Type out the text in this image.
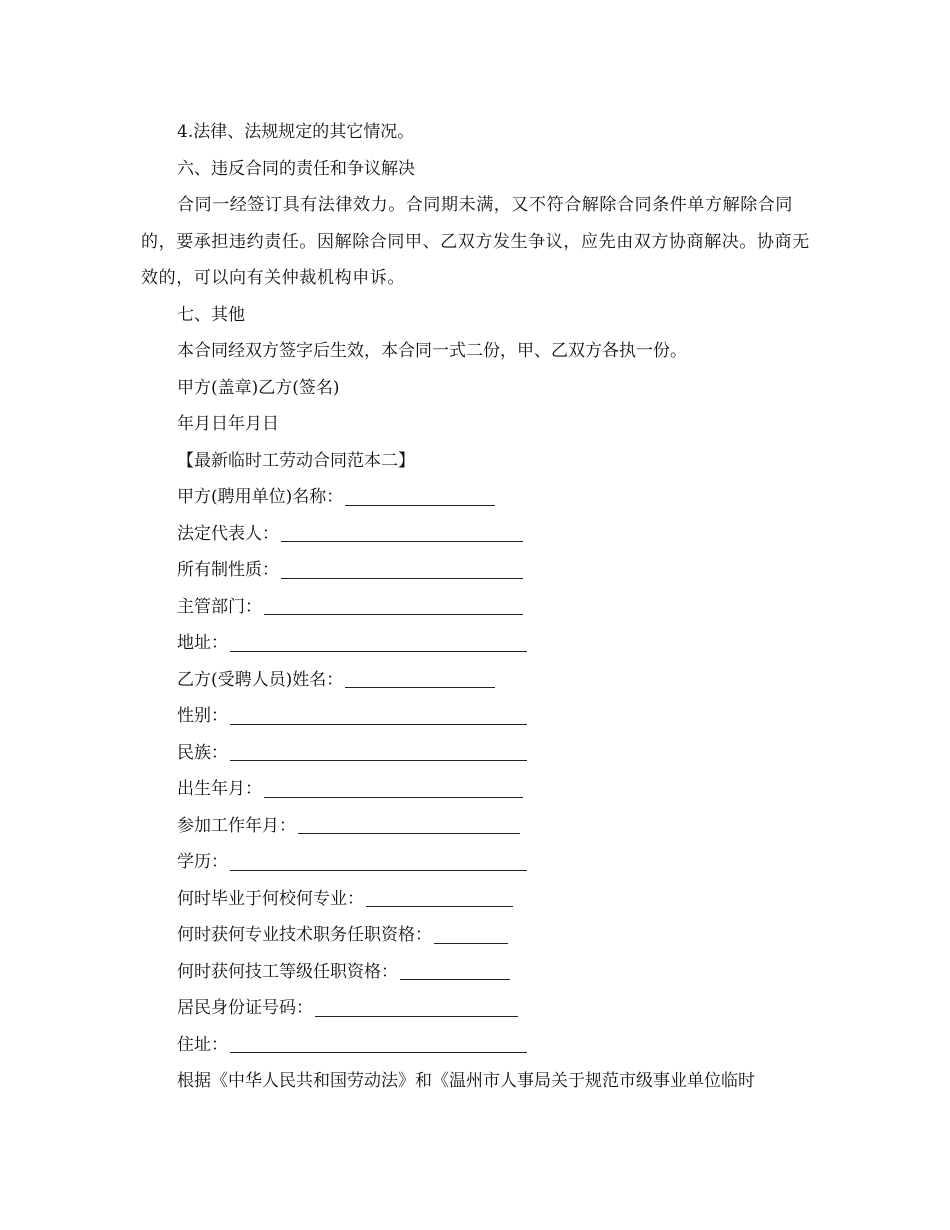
4.法律、法规规定的其它情况。
六、违反合同的责任和争议解决
合同一经签订具有法律效力。合同期未满，又不符合解除合同条件单方解除合同的，要承担违约责任。因解除合同甲、乙双方发生争议，应先由双方协商解决。协商无效的，可以向有关仲裁机构申诉。
七、其他
本合同经双方签字后生效，本合同一式二份，甲、乙双方各执一份。
甲方(盖章)乙方(签名)
年月日年月日
【最新临时工劳动合同范本二】
甲方(聘用单位)名称：
法定代表人：
所有制性质：
主管部门：
地址：
乙方(受聘人员)姓名：
性别：
民族：
出生年月：
参加工作年月：
学历：
何时毕业于何校何专业：
何时获何专业技术职务任职资格：
何时获何技工等级任职资格：
居民身份证号码：
住址：
根据《中华人民共和国劳动法》和《温州市人事局关于规范市级事业单位临时
